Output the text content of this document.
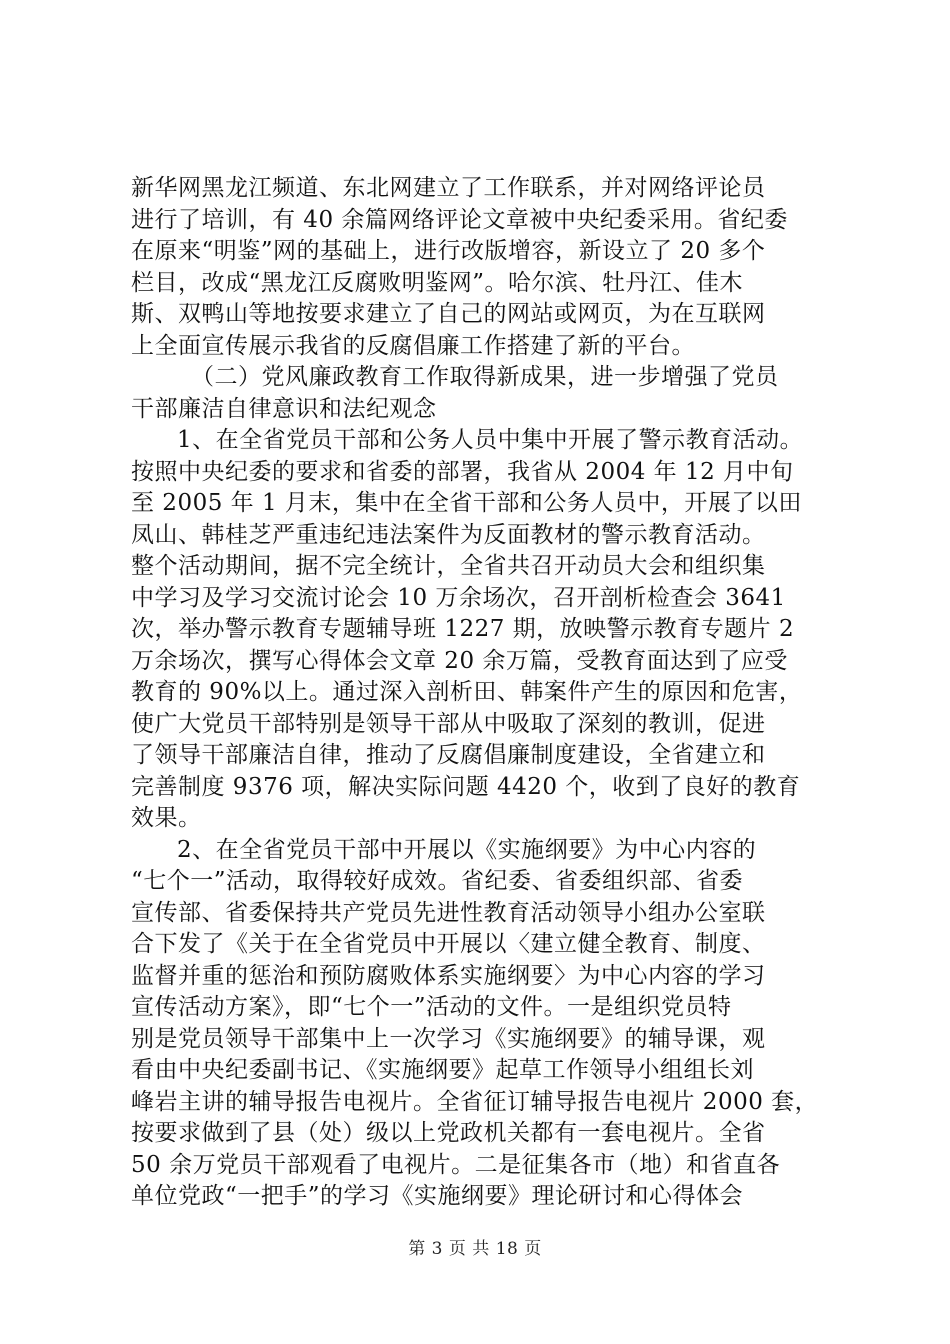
新华网黑龙江频道、东北网建立了工作联系，并对网络评论员
进行了培训，有 40 余篇网络评论文章被中央纪委采用。省纪委
在原来“明鉴”网的基础上，进行改版增容，新设立了 20 多个
栏目，改成“黑龙江反腐败明鉴网”。哈尔滨、牡丹江、佳木
斯、双鸭山等地按要求建立了自己的网站或网页，为在互联网
上全面宣传展示我省的反腐倡廉工作搭建了新的平台。
（二）党风廉政教育工作取得新成果，进一步增强了党员
干部廉洁自律意识和法纪观念
1、在全省党员干部和公务人员中集中开展了警示教育活动。
按照中央纪委的要求和省委的部署，我省从 2004 年 12 月中旬
至 2005 年 1 月末，集中在全省干部和公务人员中，开展了以田
凤山、韩桂芝严重违纪违法案件为反面教材的警示教育活动。
整个活动期间，据不完全统计，全省共召开动员大会和组织集
中学习及学习交流讨论会 10 万余场次，召开剖析检查会 3641
次，举办警示教育专题辅导班 1227 期，放映警示教育专题片 2
万余场次，撰写心得体会文章 20 余万篇，受教育面达到了应受
教育的 90%以上。通过深入剖析田、韩案件产生的原因和危害，
使广大党员干部特别是领导干部从中吸取了深刻的教训，促进
了领导干部廉洁自律，推动了反腐倡廉制度建设，全省建立和
完善制度 9376 项，解决实际问题 4420 个，收到了良好的教育
效果。
2、在全省党员干部中开展以《实施纲要》为中心内容的
“七个一”活动，取得较好成效。省纪委、省委组织部、省委
宣传部、省委保持共产党员先进性教育活动领导小组办公室联
合下发了《关于在全省党员中开展以〈建立健全教育、制度、
监督并重的惩治和预防腐败体系实施纲要〉为中心内容的学习
宣传活动方案》，即“七个一”活动的文件。一是组织党员特
别是党员领导干部集中上一次学习《实施纲要》的辅导课，观
看由中央纪委副书记、《实施纲要》起草工作领导小组组长刘
峰岩主讲的辅导报告电视片。全省征订辅导报告电视片 2000 套，
按要求做到了县（处）级以上党政机关都有一套电视片。全省
50 余万党员干部观看了电视片。二是征集各市（地）和省直各
单位党政“一把手”的学习《实施纲要》理论研讨和心得体会
第 3 页 共 18 页
